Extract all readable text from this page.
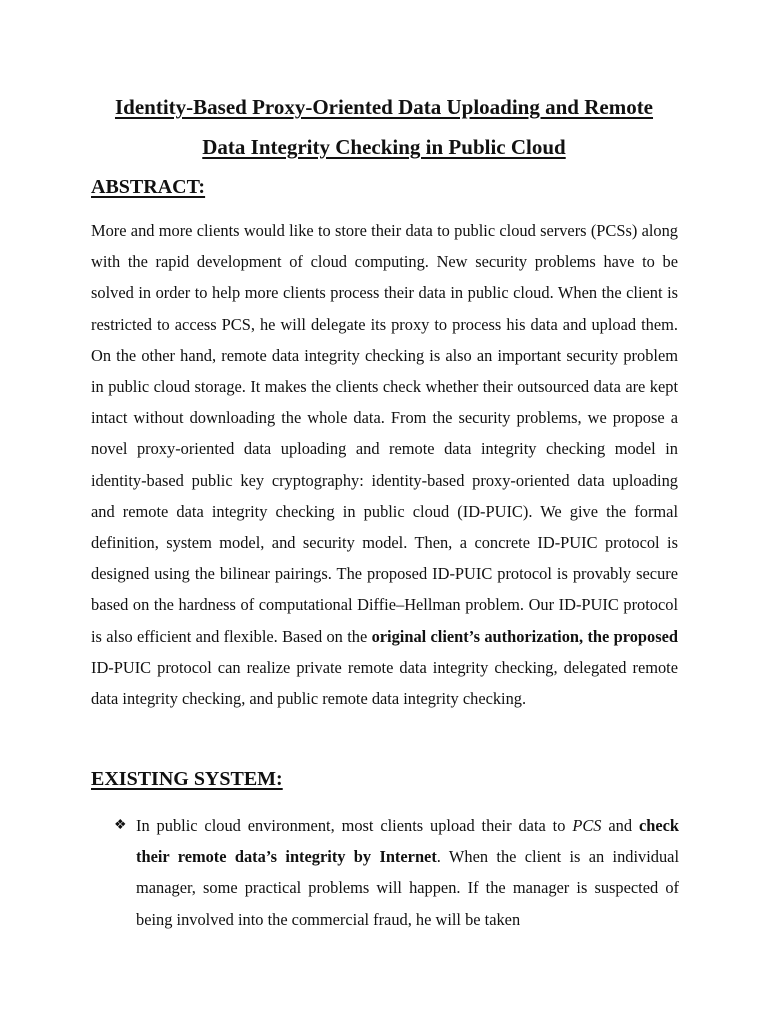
Identity-Based Proxy-Oriented Data Uploading and Remote
Data Integrity Checking in Public Cloud
ABSTRACT:
More and more clients would like to store their data to public cloud servers (PCSs) along with the rapid development of cloud computing. New security problems have to be solved in order to help more clients process their data in public cloud. When the client is restricted to access PCS, he will delegate its proxy to process his data and upload them. On the other hand, remote data integrity checking is also an important security problem in public cloud storage. It makes the clients check whether their outsourced data are kept intact without downloading the whole data. From the security problems, we propose a novel proxy-oriented data uploading and remote data integrity checking model in identity-based public key cryptography: identity-based proxy-oriented data uploading and remote data integrity checking in public cloud (ID-PUIC). We give the formal definition, system model, and security model. Then, a concrete ID-PUIC protocol is designed using the bilinear pairings. The proposed ID-PUIC protocol is provably secure based on the hardness of computational Diffie–Hellman problem. Our ID-PUIC protocol is also efficient and flexible. Based on the original client’s authorization, the proposed ID-PUIC protocol can realize private remote data integrity checking, delegated remote data integrity checking, and public remote data integrity checking.
EXISTING SYSTEM:
❖ In public cloud environment, most clients upload their data to PCS and check their remote data’s integrity by Internet. When the client is an individual manager, some practical problems will happen. If the manager is suspected of being involved into the commercial fraud, he will be taken
